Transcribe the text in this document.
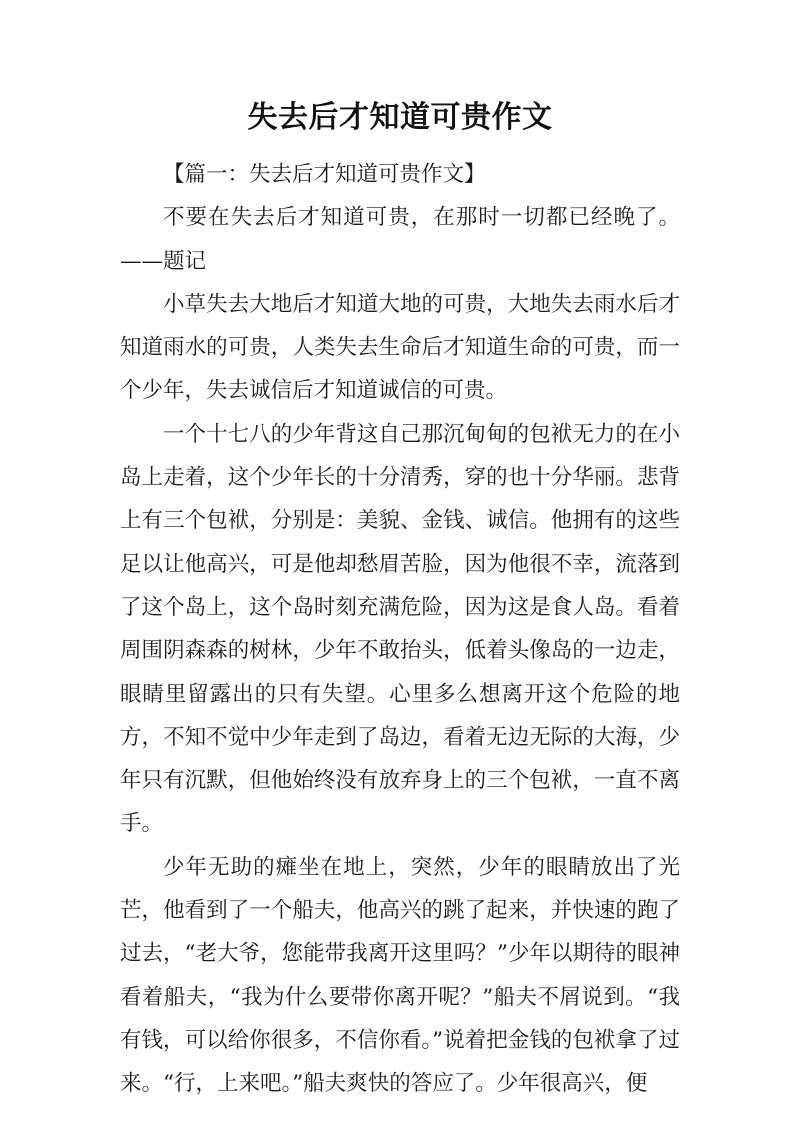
失去后才知道可贵作文

【篇一：失去后才知道可贵作文】

不要在失去后才知道可贵，在那时一切都已经晚了。——题记

小草失去大地后才知道大地的可贵，大地失去雨水后才知道雨水的可贵，人类失去生命后才知道生命的可贵，而一个少年，失去诚信后才知道诚信的可贵。

一个十七八的少年背这自己那沉甸甸的包袱无力的在小岛上走着，这个少年长的十分清秀，穿的也十分华丽。悲背上有三个包袱，分别是：美貌、金钱、诚信。他拥有的这些足以让他高兴，可是他却愁眉苦脸，因为他很不幸，流落到了这个岛上，这个岛时刻充满危险，因为这是食人岛。看着周围阴森森的树林，少年不敢抬头，低着头像岛的一边走，眼睛里留露出的只有失望。心里多么想离开这个危险的地方，不知不觉中少年走到了岛边，看着无边无际的大海，少年只有沉默，但他始终没有放弃身上的三个包袱，一直不离手。

少年无助的瘫坐在地上，突然，少年的眼睛放出了光芒，他看到了一个船夫，他高兴的跳了起来，并快速的跑了过去，“老大爷，您能带我离开这里吗？”少年以期待的眼神看着船夫，“我为什么要带你离开呢？”船夫不屑说到。“我有钱，可以给你很多，不信你看。”说着把金钱的包袱拿了过来。“行，上来吧。”船夫爽快的答应了。少年很高兴，便
